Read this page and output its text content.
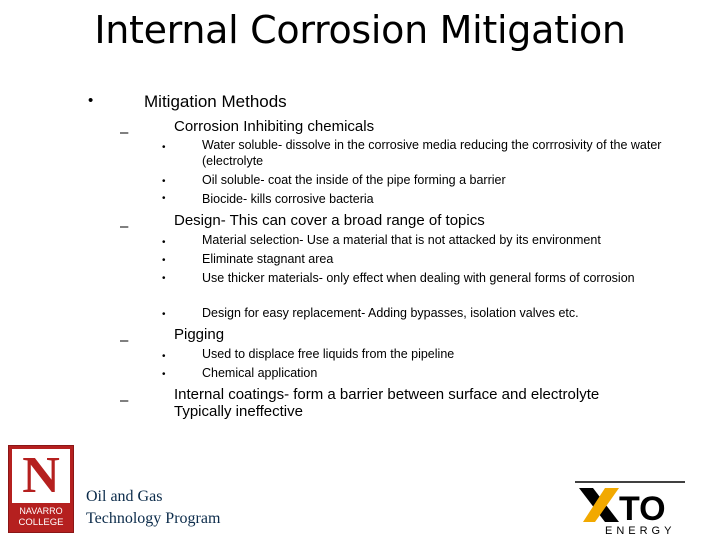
Internal Corrosion Mitigation
•	Mitigation Methods
–	Corrosion Inhibiting chemicals
•	Water soluble- dissolve in the corrosive media reducing the corrrosivity of the water (electrolyte
•	Oil soluble- coat the inside of the pipe forming a barrier
•	Biocide- kills corrosive bacteria
–	Design- This can cover a broad range of topics
•	Material selection- Use a material that is not attacked by its environment
•	Eliminate stagnant area
•	Use thicker materials- only effect when dealing with general forms of corrosion
•	Design for easy replacement- Adding bypasses, isolation valves etc.
–	Pigging
•	Used to displace free liquids from the pipeline
•	Chemical application
–	Internal coatings- form a barrier between surface and electrolyte
Typically ineffective
N
NAVARRO
COLLEGE
Oil and Gas
Technology Program	TO
ENERGY
